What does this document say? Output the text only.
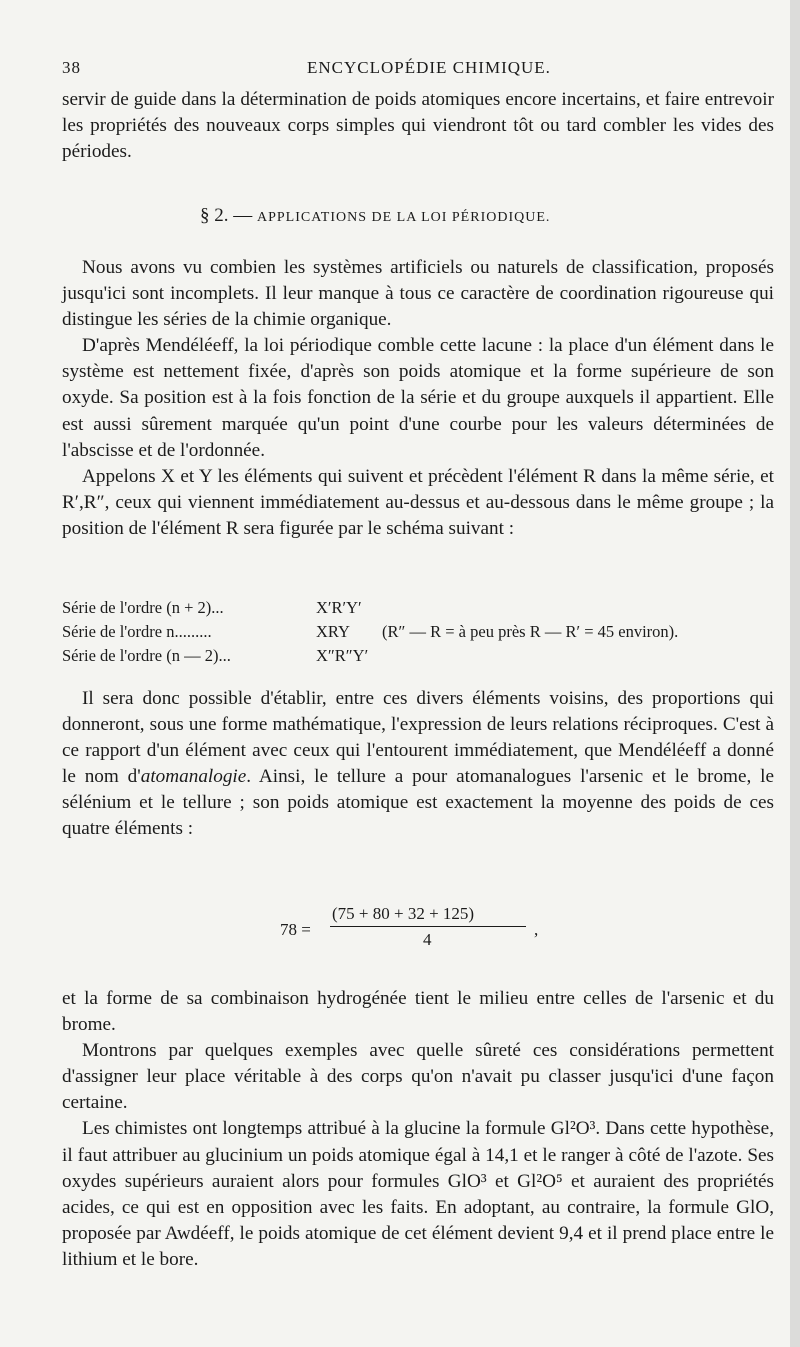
38	ENCYCLOPÉDIE CHIMIQUE.

servir de guide dans la détermination de poids atomiques encore incertains, et faire entrevoir les propriétés des nouveaux corps simples qui viendront tôt ou tard combler les vides des périodes.

§ 2. — APPLICATIONS DE LA LOI PÉRIODIQUE.

Nous avons vu combien les systèmes artificiels ou naturels de classification, proposés jusqu'ici sont incomplets. Il leur manque à tous ce caractère de coordination rigoureuse qui distingue les séries de la chimie organique.

D'après Mendéléeff, la loi périodique comble cette lacune : la place d'un élément dans le système est nettement fixée, d'après son poids atomique et la forme supérieure de son oxyde. Sa position est à la fois fonction de la série et du groupe auxquels il appartient. Elle est aussi sûrement marquée qu'un point d'une courbe pour les valeurs déterminées de l'abscisse et de l'ordonnée.

Appelons X et Y les éléments qui suivent et précèdent l'élément R dans la même série, et R′,R″, ceux qui viennent immédiatement au-dessus et au-dessous dans le même groupe ; la position de l'élément R sera figurée par le schéma suivant :

Série de l'ordre (n + 2)...	X′R′Y′
Série de l'ordre n.........	XRY (R″ — R = à peu près R — R′ = 45 environ).
Série de l'ordre (n — 2)...	X″R″Y′

Il sera donc possible d'établir, entre ces divers éléments voisins, des proportions qui donneront, sous une forme mathématique, l'expression de leurs relations réciproques. C'est à ce rapport d'un élément avec ceux qui l'entourent immédiatement, que Mendéléeff a donné le nom d'atomanalogie. Ainsi, le tellure a pour atomanalogues l'arsenic et le brome, le sélénium et le tellure ; son poids atomique est exactement la moyenne des poids de ces quatre éléments :

78 =
(75 + 80 + 32 + 125)
4
,

et la forme de sa combinaison hydrogénée tient le milieu entre celles de l'arsenic et du brome.

Montrons par quelques exemples avec quelle sûreté ces considérations permettent d'assigner leur place véritable à des corps qu'on n'avait pu classer jusqu'ici d'une façon certaine.

Les chimistes ont longtemps attribué à la glucine la formule Gl²O³. Dans cette hypothèse, il faut attribuer au glucinium un poids atomique égal à 14,1 et le ranger à côté de l'azote. Ses oxydes supérieurs auraient alors pour formules GlO³ et Gl²O⁵ et auraient des propriétés acides, ce qui est en opposition avec les faits. En adoptant, au contraire, la formule GlO, proposée par Awdéeff, le poids atomique de cet élément devient 9,4 et il prend place entre le lithium et le bore.
